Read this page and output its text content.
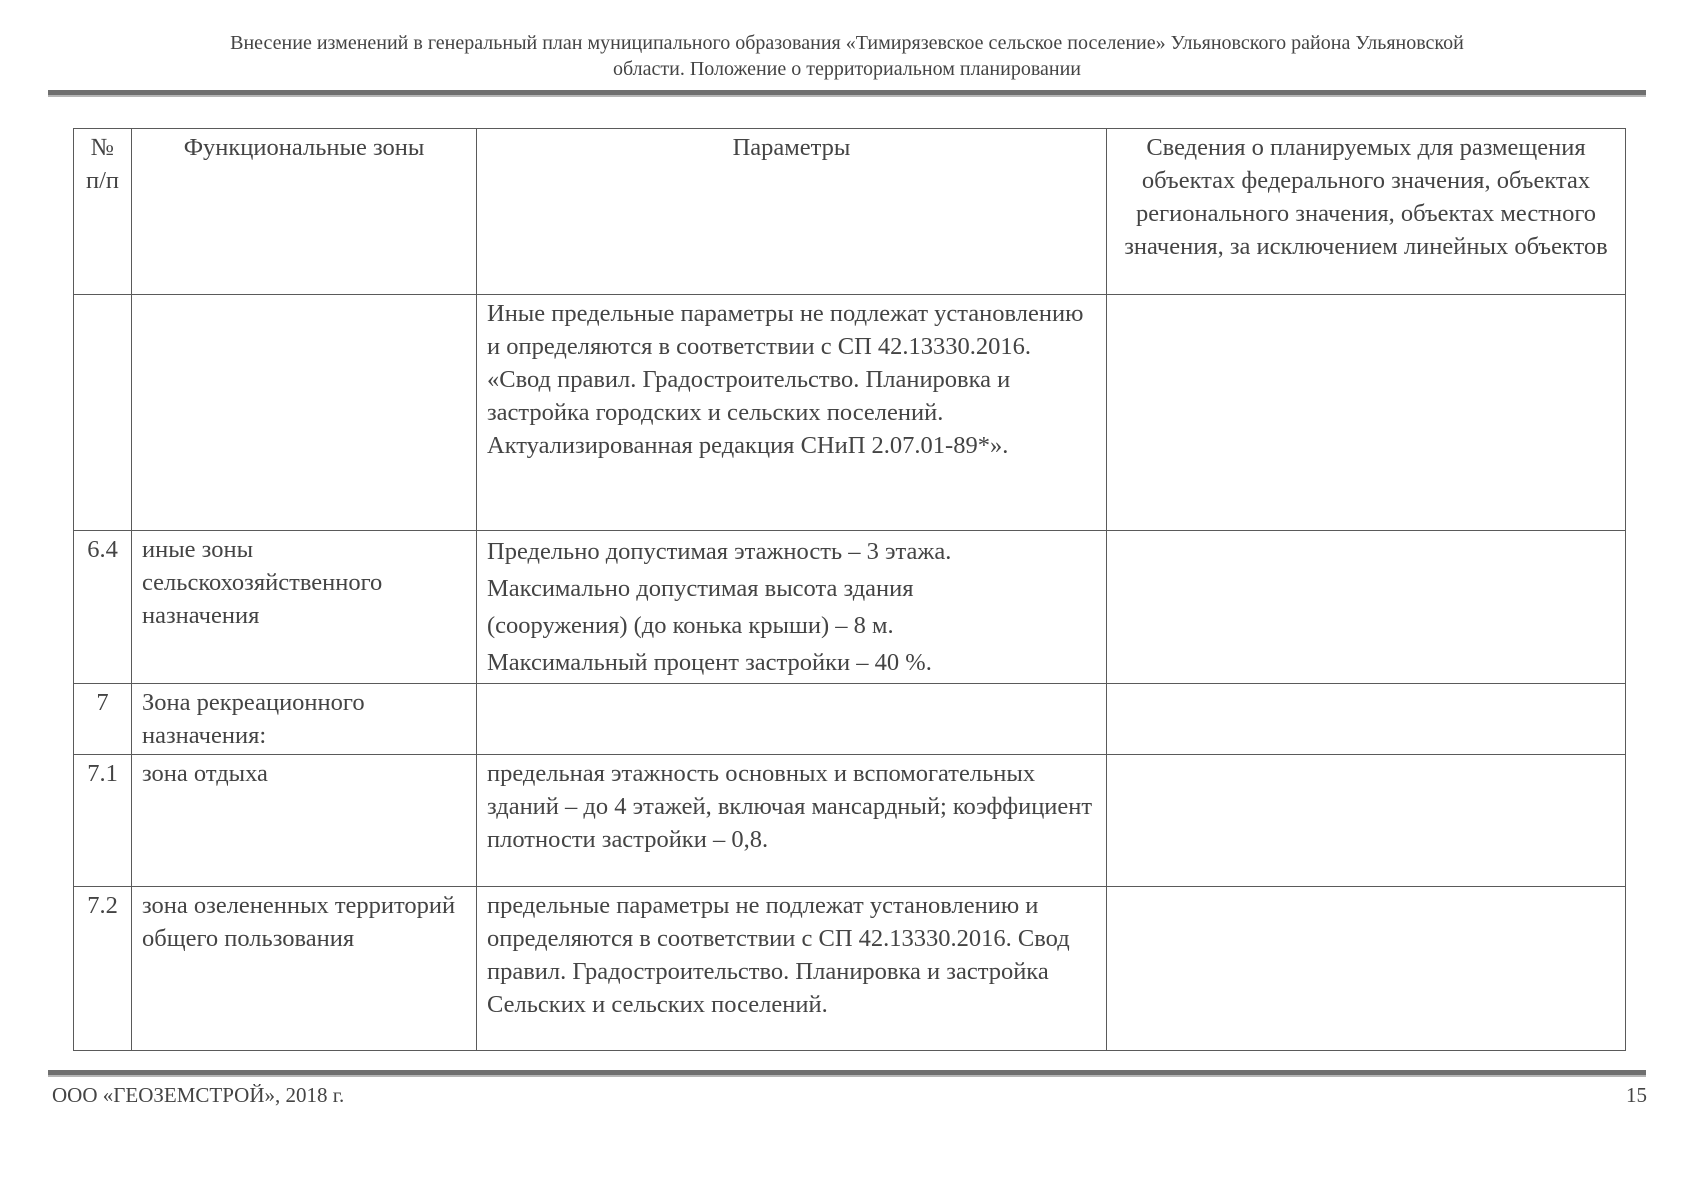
Внесение изменений в генеральный план муниципального образования «Тимирязевское сельское поселение» Ульяновского района Ульяновской
области. Положение о территориальном планировании
№ п/п	Функциональные зоны	Параметры	Сведения о планируемых для размещения объектах федерального значения, объектах регионального значения, объектах местного значения, за исключением линейных объектов
		Иные предельные параметры не подлежат установлению и определяются в соответствии с СП 42.13330.2016. «Свод правил. Градостроительство. Планировка и застройка городских и сельских поселений. Актуализированная редакция СНиП 2.07.01-89*».	
6.4	иные зоны сельскохозяйственного назначения	Предельно допустимая этажность – 3 этажа.
Максимально допустимая высота здания
(сооружения) (до конька крыши) – 8 м.
Максимальный процент застройки – 40 %.	

7	Зона рекреационного назначения:		
7.1	зона отдыха	предельная этажность основных и вспомогательных зданий – до 4 этажей, включая мансардный; коэффициент плотности застройки – 0,8.	
7.2	зона озелененных территорий общего пользования	предельные параметры не подлежат установлению и определяются в соответствии с СП 42.13330.2016. Свод правил. Градостроительство. Планировка и застройка Сельских и сельских поселений.	
ООО «ГЕОЗЕМСТРОЙ», 2018 г.	15
